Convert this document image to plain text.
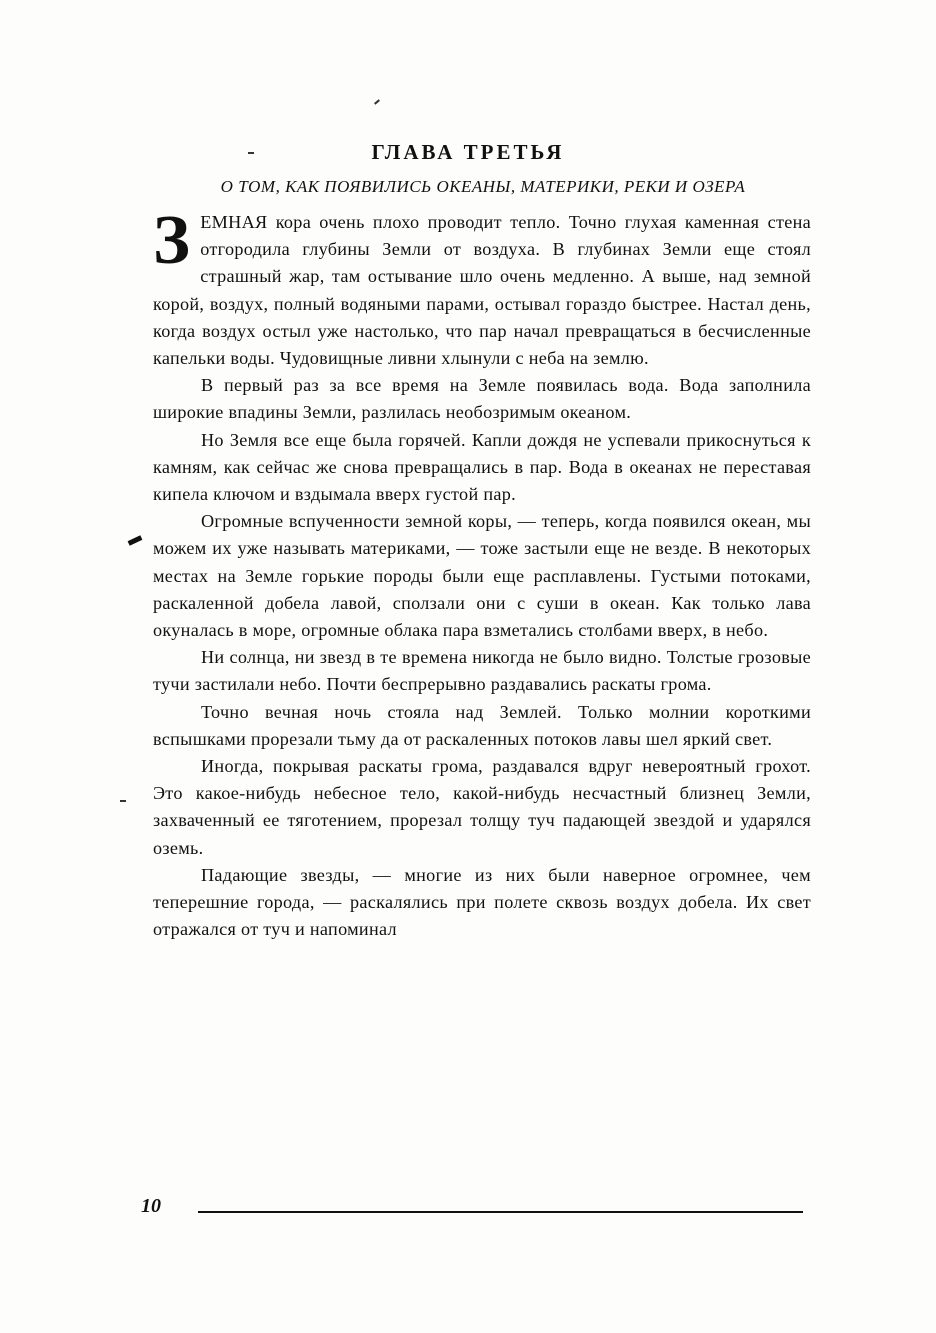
ГЛАВА ТРЕТЬЯ
О ТОМ, КАК ПОЯВИЛИСЬ ОКЕАНЫ, МАТЕРИКИ, РЕКИ И ОЗЕРА

ЗЕМНАЯ кора очень плохо проводит тепло. Точно глухая каменная стена отгородила глубины Земли от воздуха. В глубинах Земли еще стоял страшный жар, там остывание шло очень медленно. А выше, над земной корой, воздух, полный водяными парами, остывал гораздо быстрее. Настал день, когда воздух остыл уже настолько, что пар начал превращаться в бесчисленные капельки воды. Чудовищные ливни хлынули с неба на землю.

В первый раз за все время на Земле появилась вода. Вода заполнила широкие впадины Земли, разлилась необозримым океаном.

Но Земля все еще была горячей. Капли дождя не успевали прикоснуться к камням, как сейчас же снова превращались в пар. Вода в океанах не переставая кипела ключом и вздымала вверх густой пар.

Огромные вспученности земной коры, — теперь, когда появился океан, мы можем их уже называть материками, — тоже застыли еще не везде. В некоторых местах на Земле горькие породы были еще расплавлены. Густыми потоками, раскаленной добела лавой, сползали они с суши в океан. Как только лава окуналась в море, огромные облака пара взметались столбами вверх, в небо.

Ни солнца, ни звезд в те времена никогда не было видно. Толстые грозовые тучи застилали небо. Почти беспрерывно раздавались раскаты грома.

Точно вечная ночь стояла над Землей. Только молнии короткими вспышками прорезали тьму да от раскаленных потоков лавы шел яркий свет.

Иногда, покрывая раскаты грома, раздавался вдруг невероятный грохот. Это какое-нибудь небесное тело, какой-нибудь несчастный близнец Земли, захваченный ее тяготением, прорезал толщу туч падающей звездой и ударялся оземь.

Падающие звезды, — многие из них были наверное огромнее, чем теперешние города, — раскалялись при полете сквозь воздух добела. Их свет отражался от туч и напоминал

10
